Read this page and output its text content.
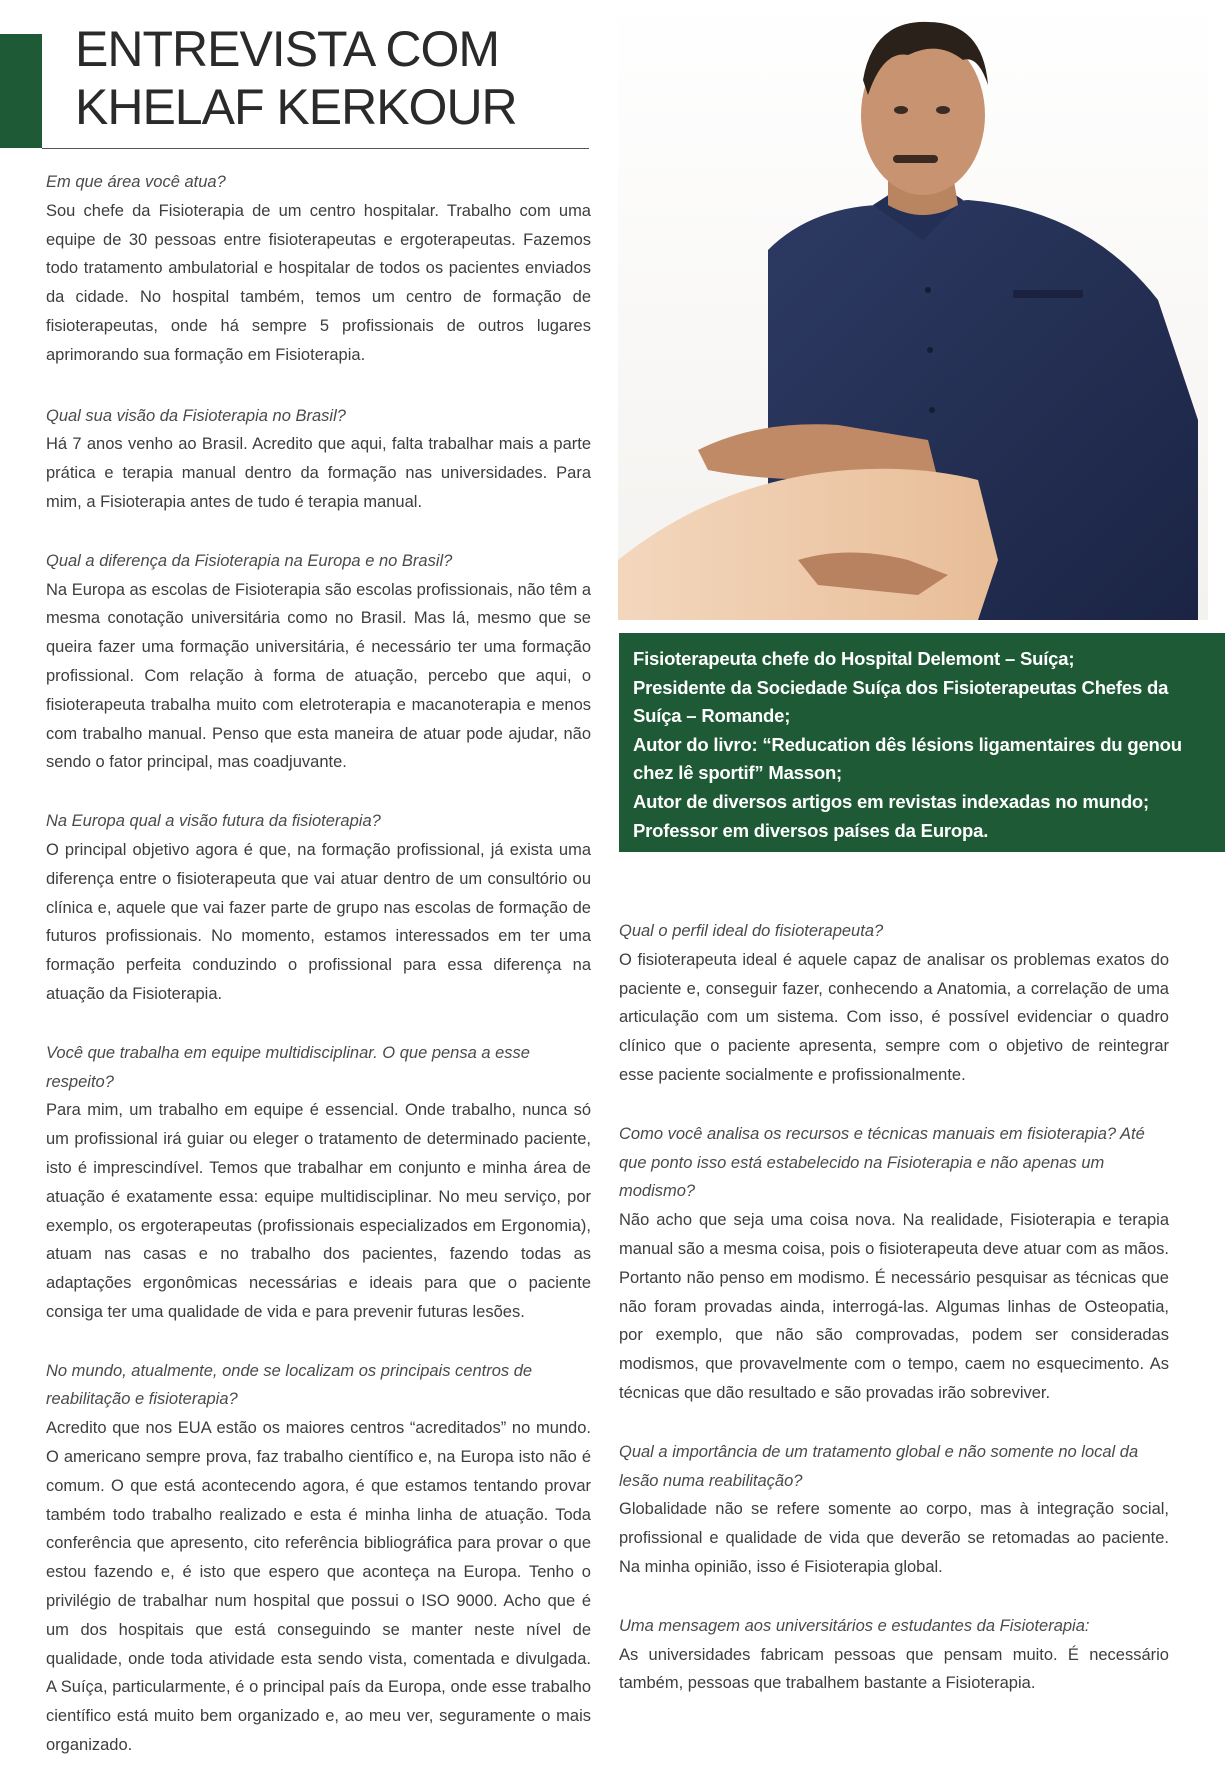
ENTREVISTA COM
KHELAF KERKOUR
Fisioterapeuta chefe do Hospital Delemont – Suíça;
Presidente da Sociedade Suíça dos Fisioterapeutas Chefes da
Suíça – Romande;
Autor do livro: “Reducation dês lésions ligamentaires du genou
chez lê sportif” Masson;
Autor de diversos artigos em revistas indexadas no mundo;
Professor em diversos países da Europa.

Em que área você atua?

Sou chefe da Fisioterapia de um centro hospitalar. Trabalho com uma equipe de 30 pessoas entre fisioterapeutas e ergoterapeutas. Fazemos todo tratamento ambulatorial e hospitalar de todos os pacientes enviados da cidade. No hospital também, temos um centro de formação de fisioterapeutas, onde há sempre 5 profissionais de outros lugares aprimorando sua formação em Fisioterapia.

Qual sua visão da Fisioterapia no Brasil?

Há 7 anos venho ao Brasil. Acredito que aqui, falta trabalhar mais a parte prática e terapia manual dentro da formação nas universidades. Para mim, a Fisioterapia antes de tudo é terapia manual.

Qual a diferença da Fisioterapia na Europa e no Brasil?

Na Europa as escolas de Fisioterapia são escolas profissionais, não têm a mesma conotação universitária como no Brasil. Mas lá, mesmo que se queira fazer uma formação universitária, é necessário ter uma formação profissional. Com relação à forma de atuação, percebo que aqui, o fisioterapeuta trabalha muito com eletroterapia e macanoterapia e menos com trabalho manual. Penso que esta maneira de atuar pode ajudar, não sendo o fator principal, mas coadjuvante.

Na Europa qual a visão futura da fisioterapia?

O principal objetivo agora é que, na formação profissional, já exista uma diferença entre o fisioterapeuta que vai atuar dentro de um consultório ou clínica e, aquele que vai fazer parte de grupo nas escolas de formação de futuros profissionais. No momento, estamos interessados em ter uma formação perfeita conduzindo o profissional para essa diferença na atuação da Fisioterapia.

Você que trabalha em equipe multidisciplinar. O que pensa a esse respeito?

Para mim, um trabalho em equipe é essencial. Onde trabalho, nunca só um profissional irá guiar ou eleger o tratamento de determinado paciente, isto é imprescindível. Temos que trabalhar em conjunto e minha área de atuação é exatamente essa: equipe multidisciplinar. No meu serviço, por exemplo, os ergoterapeutas (profissionais especializados em Ergonomia), atuam nas casas e no trabalho dos pacientes, fazendo todas as adaptações ergonômicas necessárias e ideais para que o paciente consiga ter uma qualidade de vida e para prevenir futuras lesões.

No mundo, atualmente, onde se localizam os principais centros de reabilitação e fisioterapia?

Acredito que nos EUA estão os maiores centros “acreditados” no mundo. O americano sempre prova, faz trabalho científico e, na Europa isto não é comum. O que está acontecendo agora, é que estamos tentando provar também todo trabalho realizado e esta é minha linha de atuação. Toda conferência que apresento, cito referência bibliográfica para provar o que estou fazendo e, é isto que espero que aconteça na Europa. Tenho o privilégio de trabalhar num hospital que possui o ISO 9000. Acho que é um dos hospitais que está conseguindo se manter neste nível de qualidade, onde toda atividade esta sendo vista, comentada e divulgada. A Suíça, particularmente, é o principal país da Europa, onde esse trabalho científico está muito bem organizado e, ao meu ver, seguramente o mais organizado.

Qual o perfil ideal do fisioterapeuta?

O fisioterapeuta ideal é aquele capaz de analisar os problemas exatos do paciente e, conseguir fazer, conhecendo a Anatomia, a correlação de uma articulação com um sistema. Com isso, é possível evidenciar o quadro clínico que o paciente apresenta, sempre com o objetivo de reintegrar esse paciente socialmente e profissionalmente.

Como você analisa os recursos e técnicas manuais em fisioterapia? Até que ponto isso está estabelecido na Fisioterapia e não apenas um modismo?

Não acho que seja uma coisa nova. Na realidade, Fisioterapia e terapia manual são a mesma coisa, pois o fisioterapeuta deve atuar com as mãos. Portanto não penso em modismo. É necessário pesquisar as técnicas que não foram provadas ainda, interrogá-las. Algumas linhas de Osteopatia, por exemplo, que não são comprovadas, podem ser consideradas modismos, que provavelmente com o tempo, caem no esquecimento. As técnicas que dão resultado e são provadas irão sobreviver.

Qual a importância de um tratamento global e não somente no local da lesão numa reabilitação?

Globalidade não se refere somente ao corpo, mas à integração social, profissional e qualidade de vida que deverão se retomadas ao paciente. Na minha opinião, isso é Fisioterapia global.

Uma mensagem aos universitários e estudantes da Fisioterapia:

As universidades fabricam pessoas que pensam muito. É necessário também, pessoas que trabalhem bastante a Fisioterapia.
